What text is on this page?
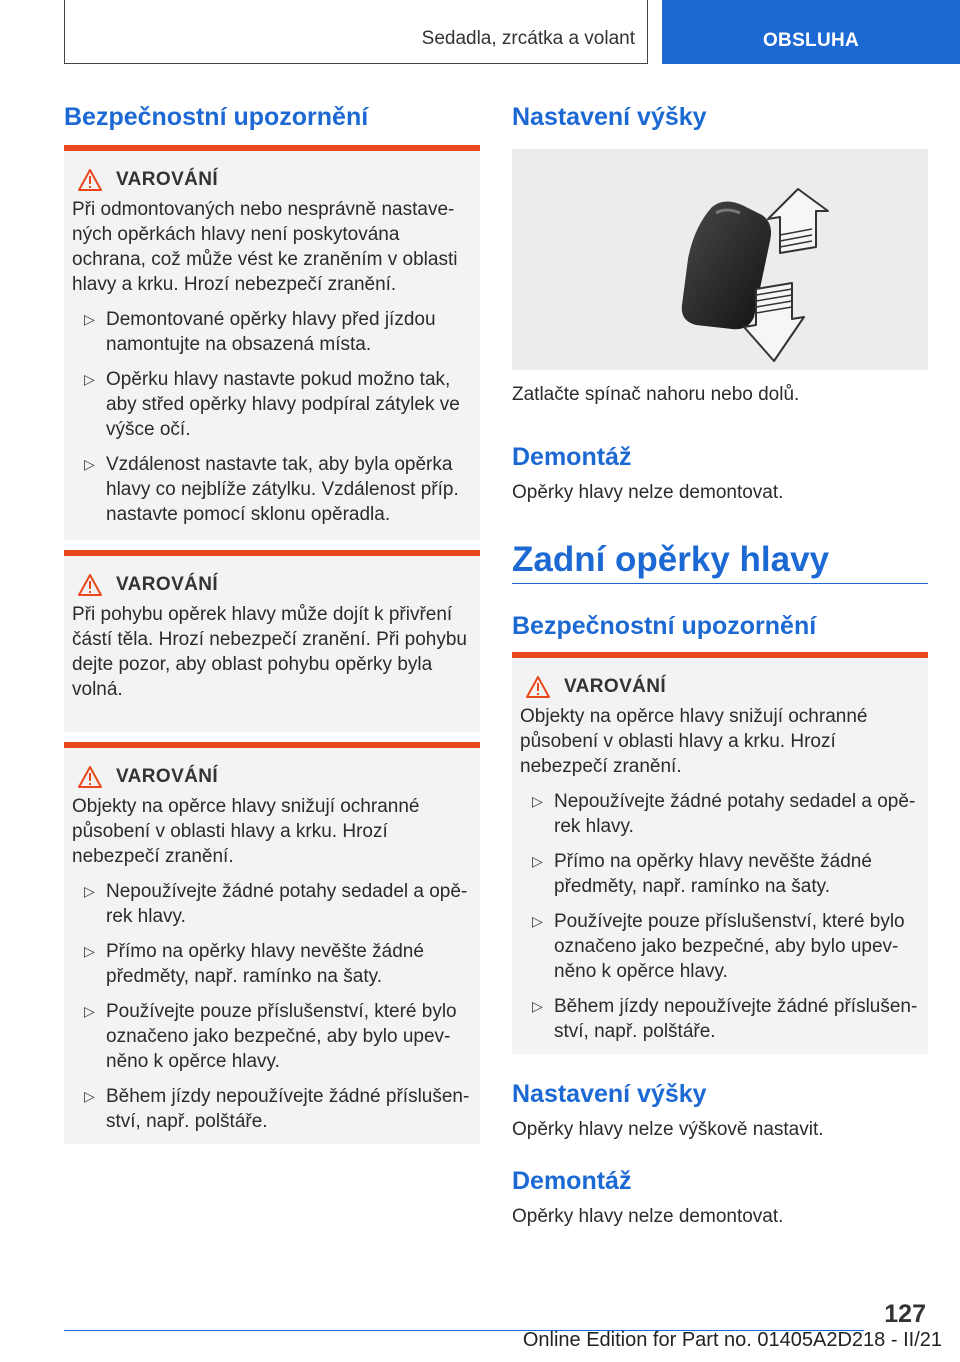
Sedadla, zrcátka a volant	OBSLUHA
Bezpečnostní upozornění
VAROVÁNÍ

Při odmontovaných nebo nesprávně nastavených opěrkách hlavy není poskytována ochrana, což může vést ke zraněním v oblasti hlavy a krku. Hrozí nebezpečí zranění.

▷ Demontované opěrky hlavy před jízdou namontujte na obsazená místa.
▷ Opěrku hlavy nastavte pokud možno tak, aby střed opěrky hlavy podpíral zátylek ve výšce očí.
▷ Vzdálenost nastavte tak, aby byla opěrka hlavy co nejblíže zátylku. Vzdálenost příp. nastavte pomocí sklonu opěradla.
VAROVÁNÍ

Při pohybu opěrek hlavy může dojít k přivření částí těla. Hrozí nebezpečí zranění. Při pohybu dejte pozor, aby oblast pohybu opěrky byla volná.

VAROVÁNÍ

Objekty na opěrce hlavy snižují ochranné působení v oblasti hlavy a krku. Hrozí nebezpečí zranění.

▷ Nepoužívejte žádné potahy sedadel a opěrek hlavy.
▷ Přímo na opěrky hlavy nevěšte žádné předměty, např. ramínko na šaty.
▷ Používejte pouze příslušenství, které bylo označeno jako bezpečné, aby bylo upevněno k opěrce hlavy.
▷ Během jízdy nepoužívejte žádné příslušenství, např. polštáře.
Nastavení výšky

Zatlačte spínač nahoru nebo dolů.

Demontáž

Opěrky hlavy nelze demontovat.

Zadní opěrky hlavy
Bezpečnostní upozornění
VAROVÁNÍ

Objekty na opěrce hlavy snižují ochranné působení v oblasti hlavy a krku. Hrozí nebezpečí zranění.

▷ Nepoužívejte žádné potahy sedadel a opěrek hlavy.
▷ Přímo na opěrky hlavy nevěšte žádné předměty, např. ramínko na šaty.
▷ Používejte pouze příslušenství, které bylo označeno jako bezpečné, aby bylo upevněno k opěrce hlavy.
▷ Během jízdy nepoužívejte žádné příslušenství, např. polštáře.
Nastavení výšky

Opěrky hlavy nelze výškově nastavit.

Demontáž

Opěrky hlavy nelze demontovat.

127
Online Edition for Part no. 01405A2D218 - II/21
